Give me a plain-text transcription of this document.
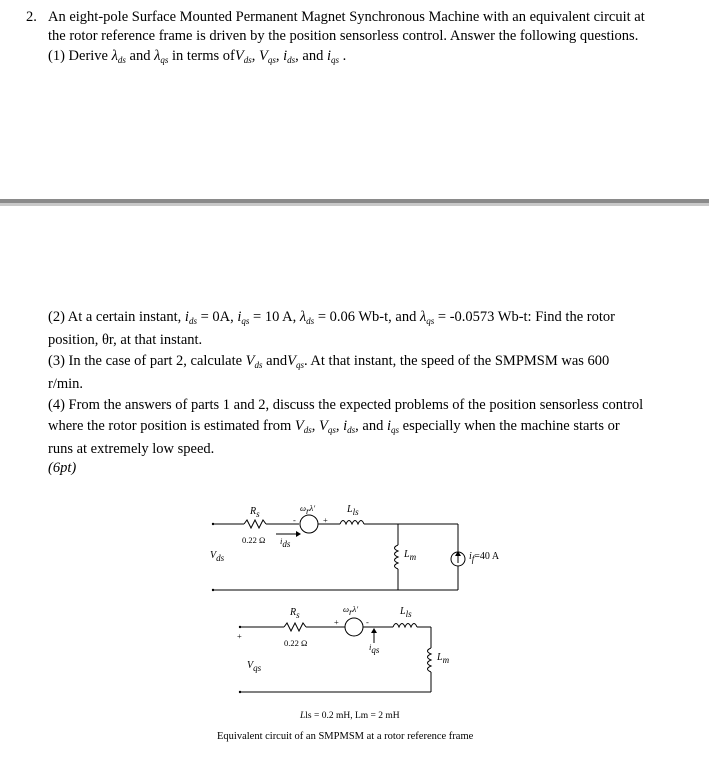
2. An eight-pole Surface Mounted Permanent Magnet Synchronous Machine with an equivalent circuit at
the rotor reference frame is driven by the position sensorless control. Answer the following questions.
(1) Derive $\lambda_{ds}$ and $\lambda_{qs}$ in terms ofV$_{ds}$, $V_{qs}$, $i_{ds}$, and $i_{qs}$ .
(2) At a certain instant, $i_{ds} = 0A$, $i_{qs} = 10$ A, $\lambda_{ds} = 0.06$ Wb-t, and $\lambda_{qs} = -0.0573$ Wb-t: Find the rotor
position, θr, at that instant.
(3) In the case of part 2, calculate $V_{ds}$ andV$_{qs}$. At that instant, the speed of the SMPMSM was 600
r/min.
(4) From the answers of parts 1 and 2, discuss the expected problems of the position sensorless control
where the rotor position is estimated from $V_{ds}$, $V_{qs}$, $i_{ds}$, and $i_{qs}$ especially when the machine starts or
runs at extremely low speed.
(6pt)
Rs
0.22 Ω
ωrλ′
-	+
ids
Lls
Lm	if=40 A
Vds
Rs
0.22 Ω
ωrλ′
+	-
iqs
Lls
Lm
+
Vqs
Lls = 0.2 mH, Lm = 2 mH
Equivalent circuit of an SMPMSM at a rotor reference frame
